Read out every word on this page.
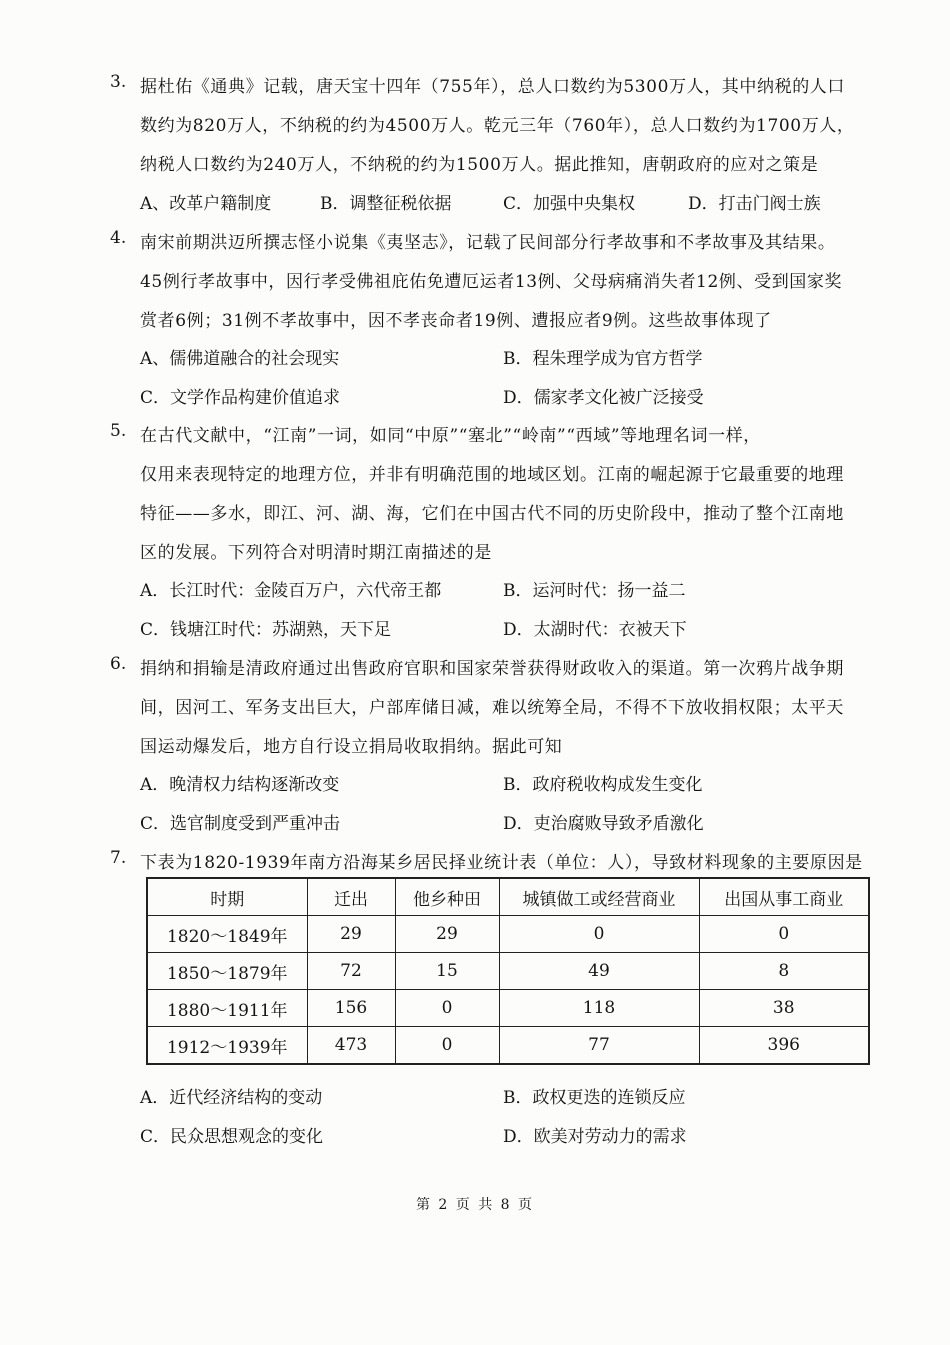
3. 据杜佑《通典》记载，唐天宝十四年（755年），总人口数约为5300万人，其中纳税的人口
数约为820万人，不纳税的约为4500万人。乾元三年（760年），总人口数约为1700万人，
纳税人口数约为240万人，不纳税的约为1500万人。据此推知，唐朝政府的应对之策是
A、改革户籍制度	B．调整征税依据	C．加强中央集权	D．打击门阀士族
4. 南宋前期洪迈所撰志怪小说集《夷坚志》，记载了民间部分行孝故事和不孝故事及其结果。
45例行孝故事中，因行孝受佛祖庇佑免遭厄运者13例、父母病痛消失者12例、受到国家奖
赏者6例；31例不孝故事中，因不孝丧命者19例、遭报应者9例。这些故事体现了
A、儒佛道融合的社会现实	B．程朱理学成为官方哲学
C．文学作品构建价值追求	D．儒家孝文化被广泛接受
5. 在古代文献中，“江南”一词，如同“中原”“塞北”“岭南”“西域”等地理名词一样，
仅用来表现特定的地理方位，并非有明确范围的地域区划。江南的崛起源于它最重要的地理
特征——多水，即江、河、湖、海，它们在中国古代不同的历史阶段中，推动了整个江南地
区的发展。下列符合对明清时期江南描述的是
A．长江时代：金陵百万户，六代帝王都	B．运河时代：扬一益二
C．钱塘江时代：苏湖熟，天下足	D．太湖时代：衣被天下
6. 捐纳和捐输是清政府通过出售政府官职和国家荣誉获得财政收入的渠道。第一次鸦片战争期
间，因河工、军务支出巨大，户部库储日减，难以统筹全局，不得不下放收捐权限；太平天
国运动爆发后，地方自行设立捐局收取捐纳。据此可知
A．晚清权力结构逐渐改变	B．政府税收构成发生变化
C．选官制度受到严重冲击	D．吏治腐败导致矛盾激化
7. 下表为1820-1939年南方沿海某乡居民择业统计表（单位：人），导致材料现象的主要原因是
时期	迁出	他乡种田	城镇做工或经营商业	出国从事工商业
1820～1849年	29	29	0	0
1850～1879年	72	15	49	8
1880～1911年	156	0	118	38
1912～1939年	473	0	77	396
A．近代经济结构的变动	B．政权更迭的连锁反应
C．民众思想观念的变化	D．欧美对劳动力的需求
第 2 页 共 8 页
